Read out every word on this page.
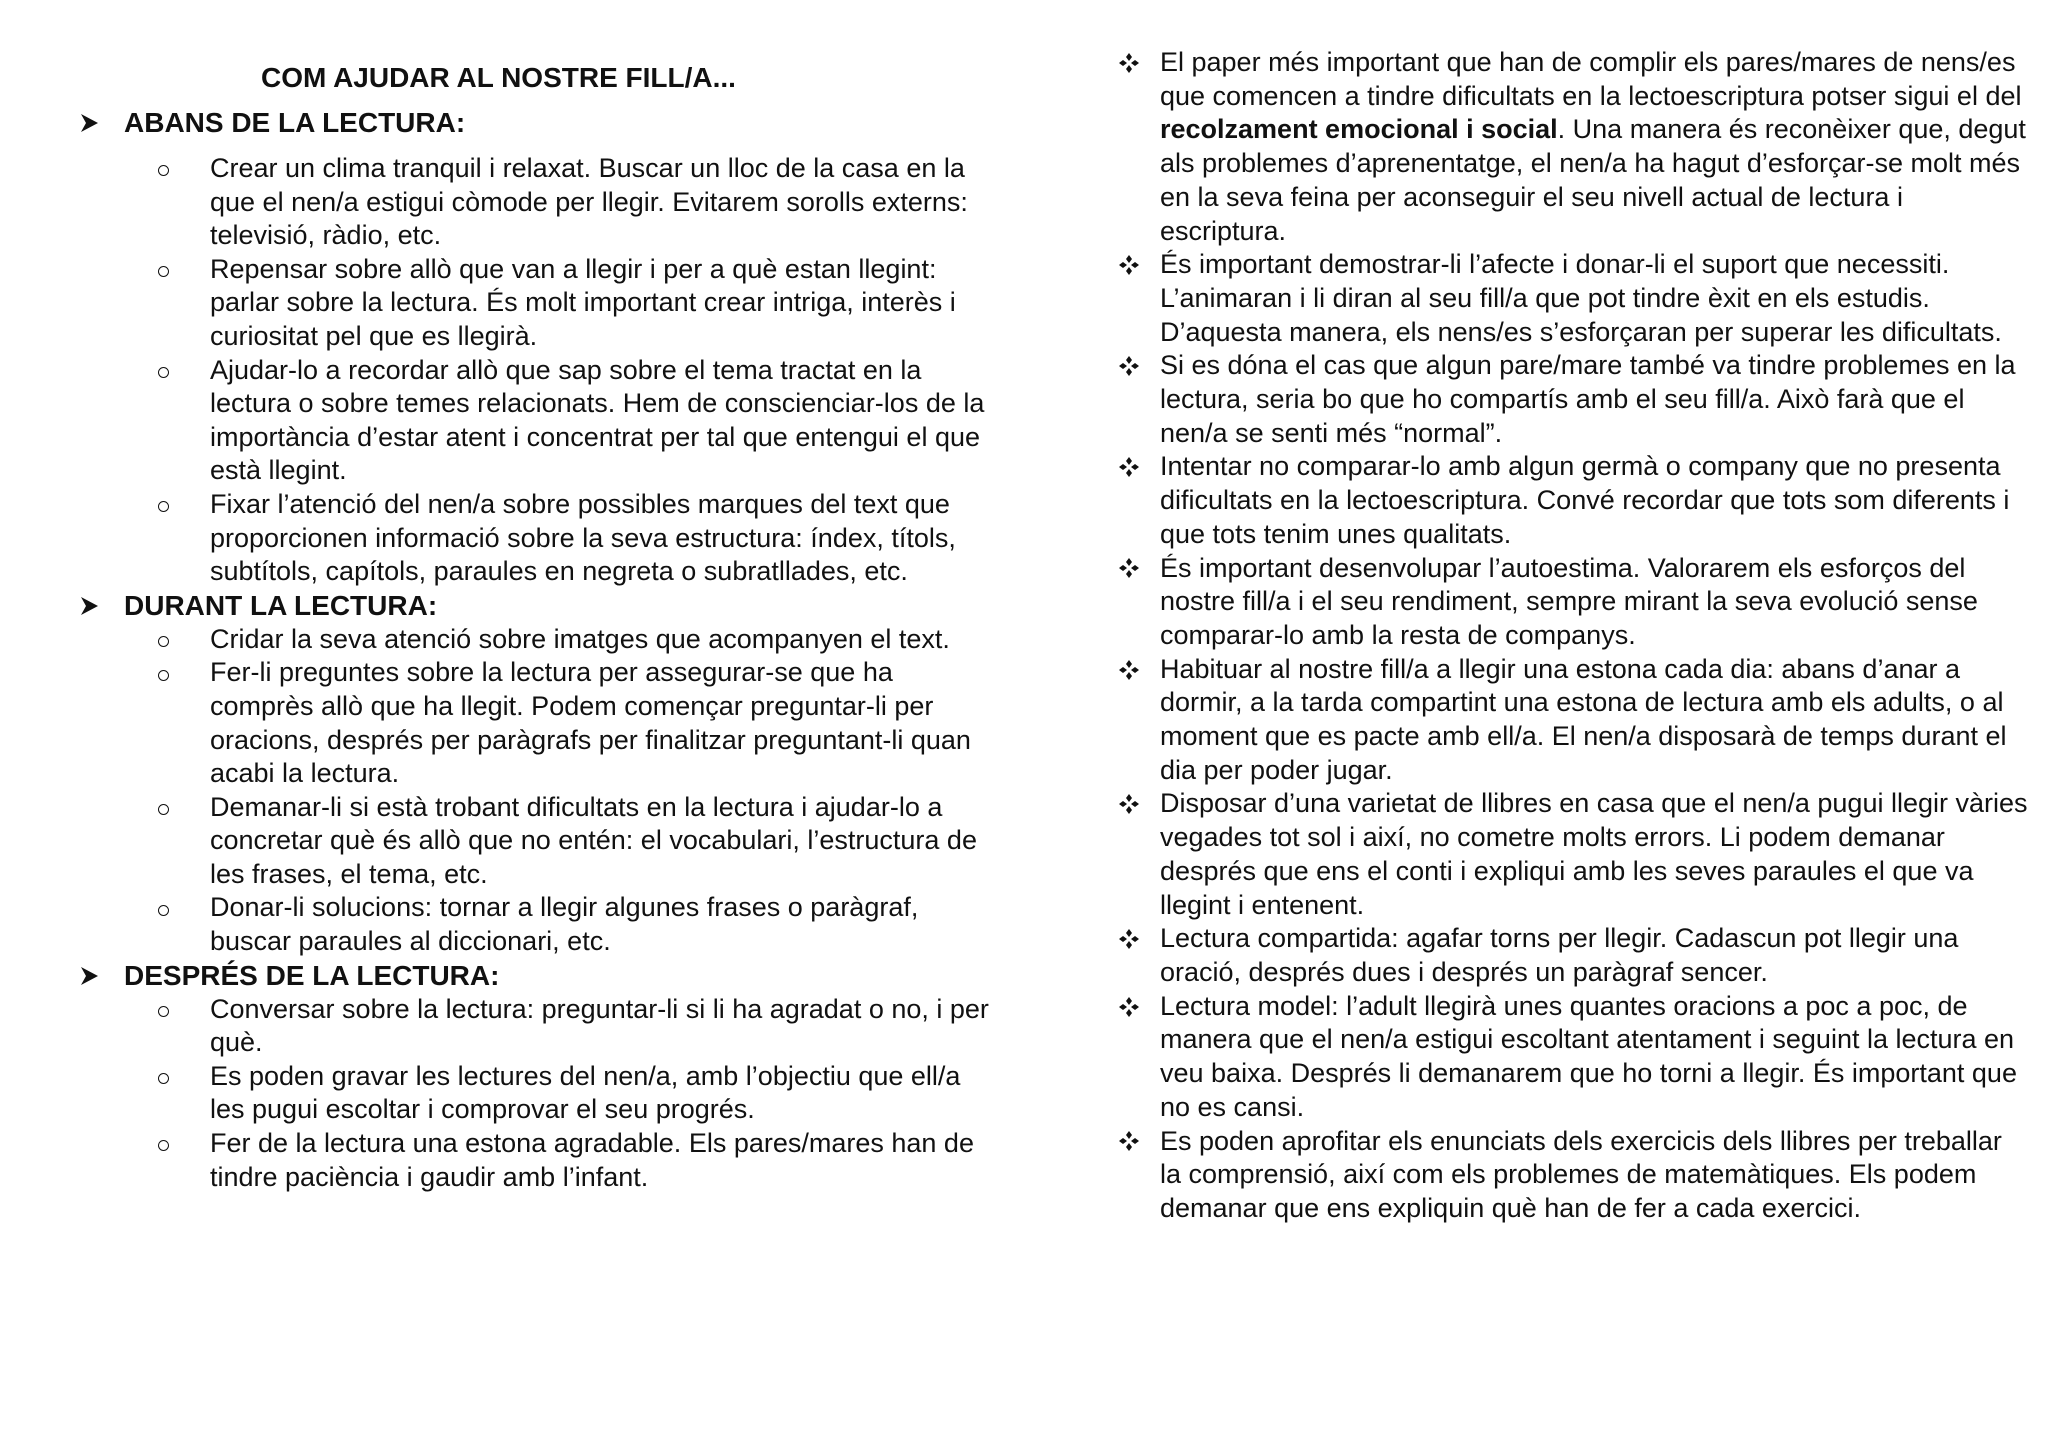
COM AJUDAR AL NOSTRE FILL/A...
ABANS DE LA LECTURA:
Crear un clima tranquil i relaxat. Buscar un lloc de la casa en la que el nen/a estigui còmode per llegir. Evitarem sorolls externs: televisió, ràdio, etc.
Repensar sobre allò que van a llegir i per a què estan llegint: parlar sobre la lectura. És molt important crear intriga, interès i curiositat pel que es llegirà.
Ajudar-lo a recordar allò que sap sobre el tema tractat en la lectura o sobre temes relacionats. Hem de conscienciar-los de la importància d’estar atent i concentrat per tal que entengui el que està llegint.
Fixar l’atenció del nen/a sobre possibles marques del text que proporcionen informació sobre la seva estructura: índex, títols, subtítols, capítols, paraules en negreta o subratllades, etc.
DURANT LA LECTURA:
Cridar la seva atenció sobre imatges que acompanyen el text.
Fer-li preguntes sobre la lectura per assegurar-se que ha comprès allò que ha llegit. Podem començar preguntar-li per oracions, després per paràgrafs per finalitzar preguntant-li quan acabi la lectura.
Demanar-li si està trobant dificultats en la lectura i ajudar-lo a concretar què és allò que no entén: el vocabulari, l’estructura de les frases, el tema, etc.
Donar-li solucions: tornar a llegir algunes frases o paràgraf, buscar paraules al diccionari, etc.
DESPRÉS DE LA LECTURA:
Conversar sobre la lectura: preguntar-li si li ha agradat o no, i per què.
Es poden gravar les lectures del nen/a, amb l’objectiu que ell/a les pugui escoltar i comprovar el seu progrés.
Fer de la lectura una estona agradable. Els pares/mares han de tindre paciència i gaudir amb l’infant.
El paper més important que han de complir els pares/mares de nens/es que comencen a tindre dificultats en la lectoescriptura potser sigui el del recolzament emocional i social. Una manera és reconèixer que, degut als problemes d’aprenentatge, el nen/a ha hagut d’esforçar-se molt més en la seva feina per aconseguir el seu nivell actual de lectura i escriptura.
És important demostrar-li l’afecte i donar-li el suport que necessiti. L’animaran i li diran al seu fill/a que pot tindre èxit en els estudis. D’aquesta manera, els nens/es s’esforçaran per superar les dificultats.
Si es dóna el cas que algun pare/mare també va tindre problemes en la lectura, seria bo que ho compartís amb el seu fill/a. Això farà que el nen/a se senti més “normal”.
Intentar no comparar-lo amb algun germà o company que no presenta dificultats en la lectoescriptura. Convé recordar que tots som diferents i que tots tenim unes qualitats.
És important desenvolupar l’autoestima. Valorarem els esforços del nostre fill/a i el seu rendiment, sempre mirant la seva evolució sense comparar-lo amb la resta de companys.
Habituar al nostre fill/a a llegir una estona cada dia: abans d’anar a dormir, a la tarda compartint una estona de lectura amb els adults, o al moment que es pacte amb ell/a. El nen/a disposarà de temps durant el dia per poder jugar.
Disposar d’una varietat de llibres en casa que el nen/a pugui llegir vàries vegades tot sol i així, no cometre molts errors. Li podem demanar després que ens el conti i expliqui amb les seves paraules el que va llegint i entenent.
Lectura compartida: agafar torns per llegir. Cadascun pot llegir una oració, després dues i després un paràgraf sencer.
Lectura model: l’adult llegirà unes quantes oracions a poc a poc, de manera que el nen/a estigui escoltant atentament i seguint la lectura en veu baixa. Després li demanarem que ho torni a llegir. És important que no es cansi.
Es poden aprofitar els enunciats dels exercicis dels llibres per treballar la comprensió, així com els problemes de matemàtiques. Els podem demanar que ens expliquin què han de fer a cada exercici.
